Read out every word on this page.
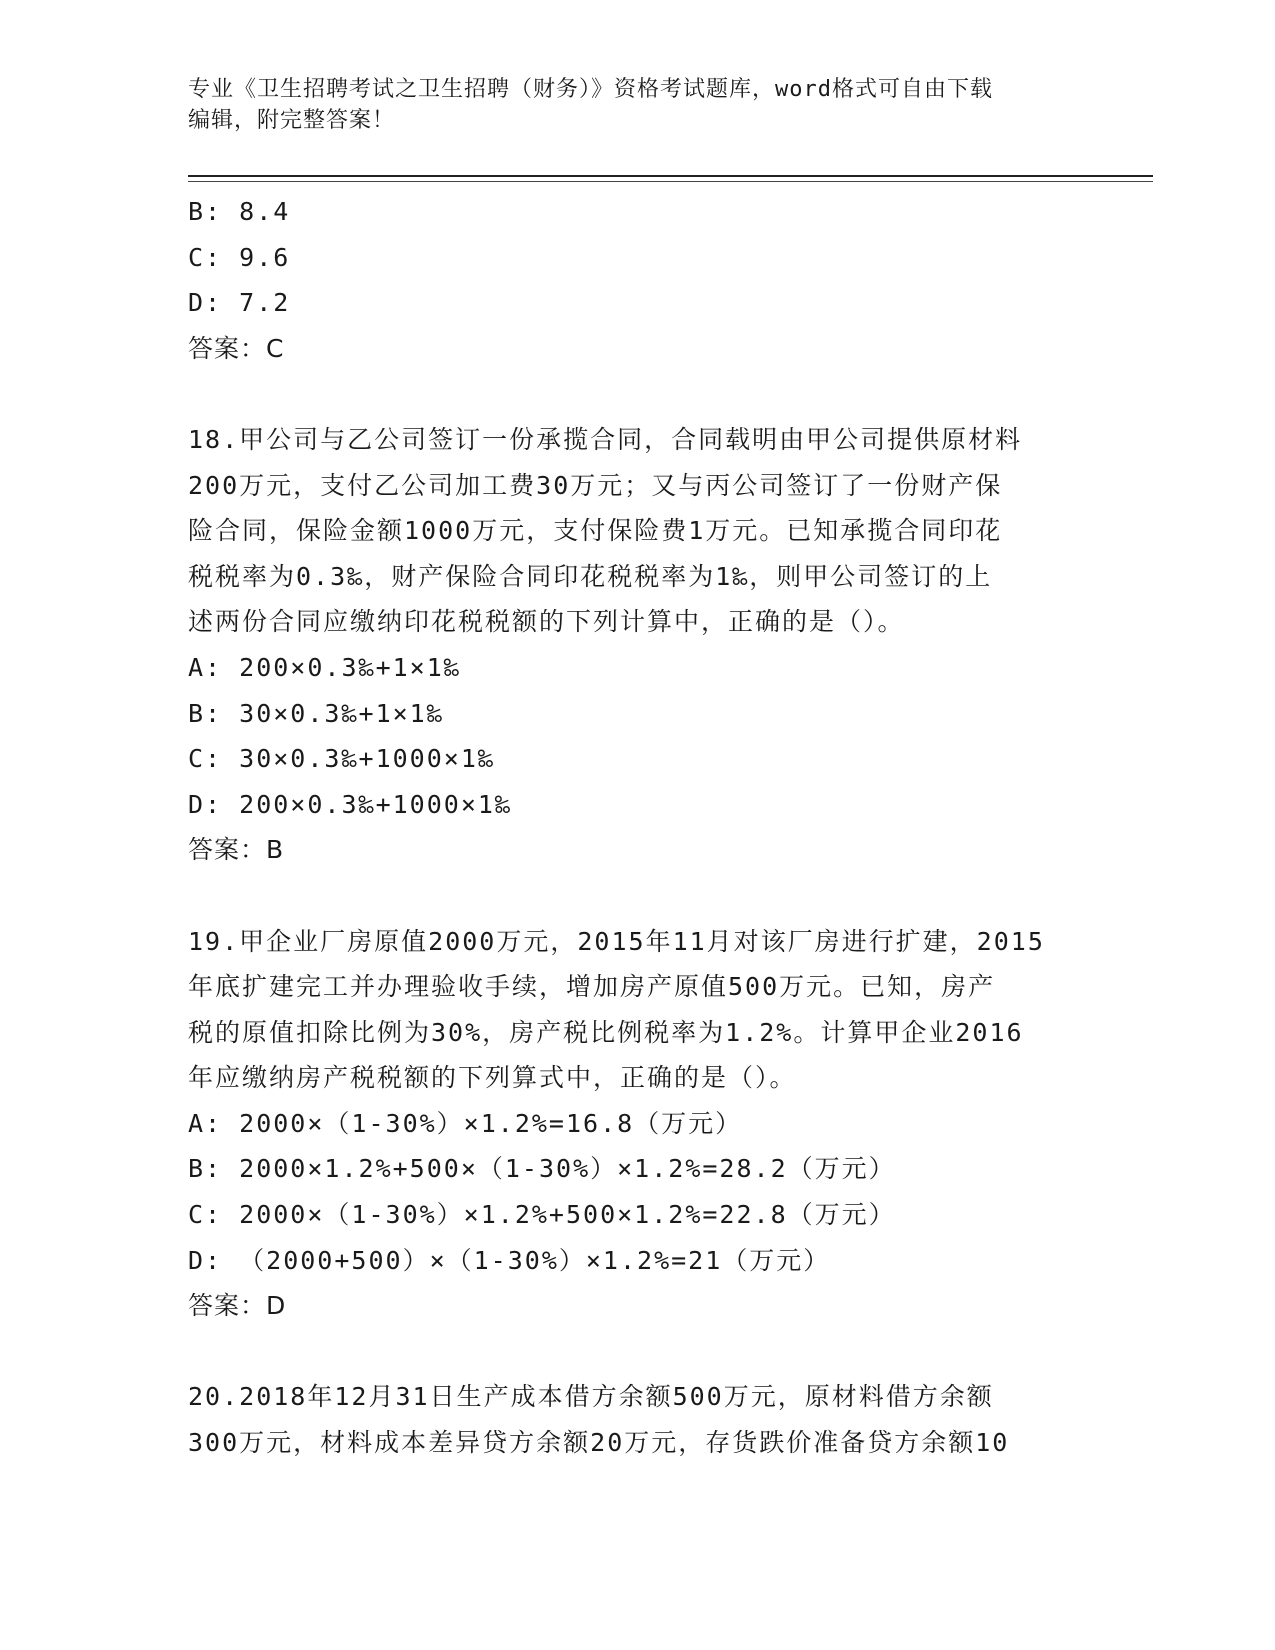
专业《卫生招聘考试之卫生招聘（财务）》资格考试题库，word格式可自由下载
编辑，附完整答案！
B: 8.4
C: 9.6
D: 7.2
答案：C
18.甲公司与乙公司签订一份承揽合同，合同载明由甲公司提供原材料
200万元，支付乙公司加工费30万元；又与丙公司签订了一份财产保
险合同，保险金额1000万元，支付保险费1万元。已知承揽合同印花
税税率为0.3‰，财产保险合同印花税税率为1‰，则甲公司签订的上
述两份合同应缴纳印花税税额的下列计算中，正确的是（）。
A: 200×0.3‰+1×1‰
B: 30×0.3‰+1×1‰
C: 30×0.3‰+1000×1‰
D: 200×0.3‰+1000×1‰
答案：B
19.甲企业厂房原值2000万元，2015年11月对该厂房进行扩建，2015
年底扩建完工并办理验收手续，增加房产原值500万元。已知，房产
税的原值扣除比例为30%，房产税比例税率为1.2%。计算甲企业2016
年应缴纳房产税税额的下列算式中，正确的是（）。
A: 2000×（1-30%）×1.2%=16.8（万元）
B: 2000×1.2%+500×（1-30%）×1.2%=28.2（万元）
C: 2000×（1-30%）×1.2%+500×1.2%=22.8（万元）
D: （2000+500）×（1-30%）×1.2%=21（万元）
答案：D
20.2018年12月31日生产成本借方余额500万元，原材料借方余额
300万元，材料成本差异贷方余额20万元，存货跌价准备贷方余额10
